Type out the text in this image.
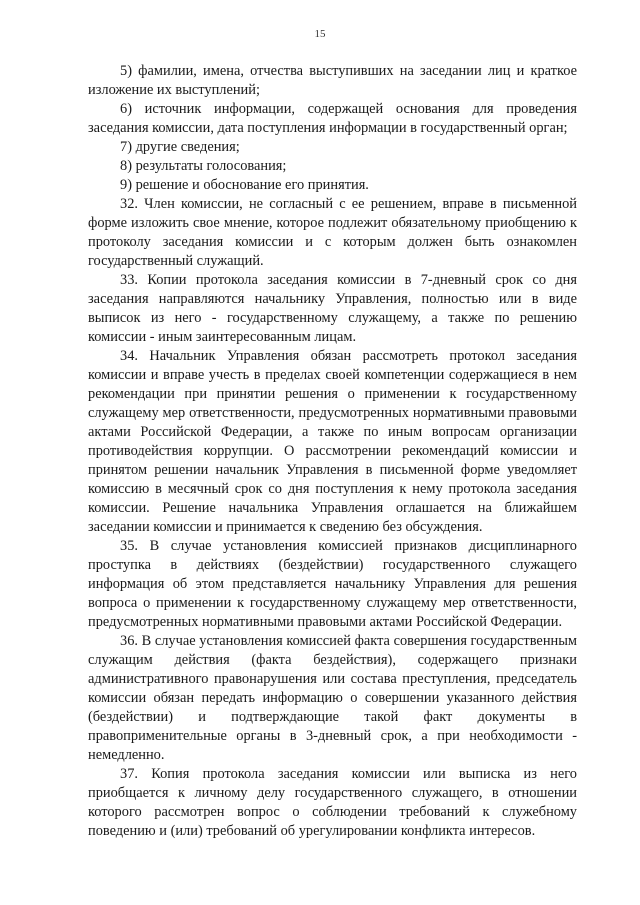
15

5) фамилии, имена, отчества выступивших на заседании лиц и краткое изложение их выступлений;

6) источник информации, содержащей основания для проведения заседания комиссии, дата поступления информации в государственный орган;

7) другие сведения;

8) результаты голосования;

9) решение и обоснование его принятия.

32. Член комиссии, не согласный с ее решением, вправе в письменной форме изложить свое мнение, которое подлежит обязательному приобщению к протоколу заседания комиссии и с которым должен быть ознакомлен государственный служащий.

33. Копии протокола заседания комиссии в 7-дневный срок со дня заседания направляются начальнику Управления, полностью или в виде выписок из него - государственному служащему, а также по решению комиссии - иным заинтересованным лицам.

34. Начальник Управления обязан рассмотреть протокол заседания комиссии и вправе учесть в пределах своей компетенции содержащиеся в нем рекомендации при принятии решения о применении к государственному служащему мер ответственности, предусмотренных нормативными правовыми актами Российской Федерации, а также по иным вопросам организации противодействия коррупции. О рассмотрении рекомендаций комиссии и принятом решении начальник Управления в письменной форме уведомляет комиссию в месячный срок со дня поступления к нему протокола заседания комиссии. Решение начальника Управления оглашается на ближайшем заседании комиссии и принимается к сведению без обсуждения.

35. В случае установления комиссией признаков дисциплинарного проступка в действиях (бездействии) государственного служащего информация об этом представляется начальнику Управления для решения вопроса о применении к государственному служащему мер ответственности, предусмотренных нормативными правовыми актами Российской Федерации.

36. В случае установления комиссией факта совершения государственным служащим действия (факта бездействия), содержащего признаки административного правонарушения или состава преступления, председатель комиссии обязан передать информацию о совершении указанного действия (бездействии) и подтверждающие такой факт документы в правоприменительные органы в 3-дневный срок, а при необходимости - немедленно.

37. Копия протокола заседания комиссии или выписка из него приобщается к личному делу государственного служащего, в отношении которого рассмотрен вопрос о соблюдении требований к служебному поведению и (или) требований об урегулировании конфликта интересов.
